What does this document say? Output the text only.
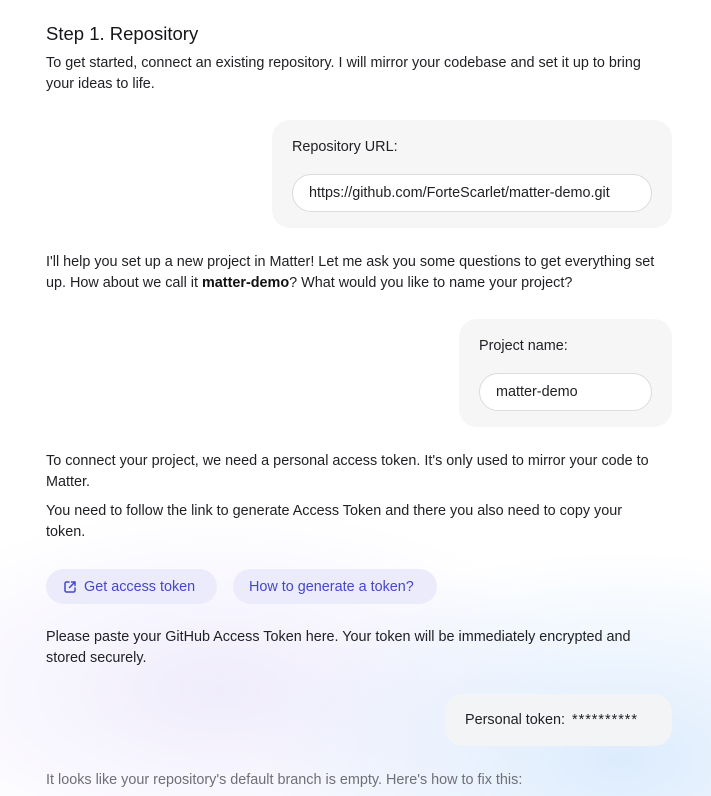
Step 1. Repository
To get started, connect an existing repository. I will mirror your codebase and set it up to bring your ideas to life.
Repository URL:
https://github.com/ForteScarlet/matter-demo.git
I'll help you set up a new project in Matter! Let me ask you some questions to get everything set up. How about we call it matter-demo? What would you like to name your project?
Project name:
matter-demo
To connect your project, we need a personal access token. It's only used to mirror your code to Matter.
You need to follow the link to generate Access Token and there you also need to copy your token.
Get access token	How to generate a token?
Please paste your GitHub Access Token here. Your token will be immediately encrypted and stored securely.
Personal token: **********
It looks like your repository's default branch is empty. Here's how to fix this:
